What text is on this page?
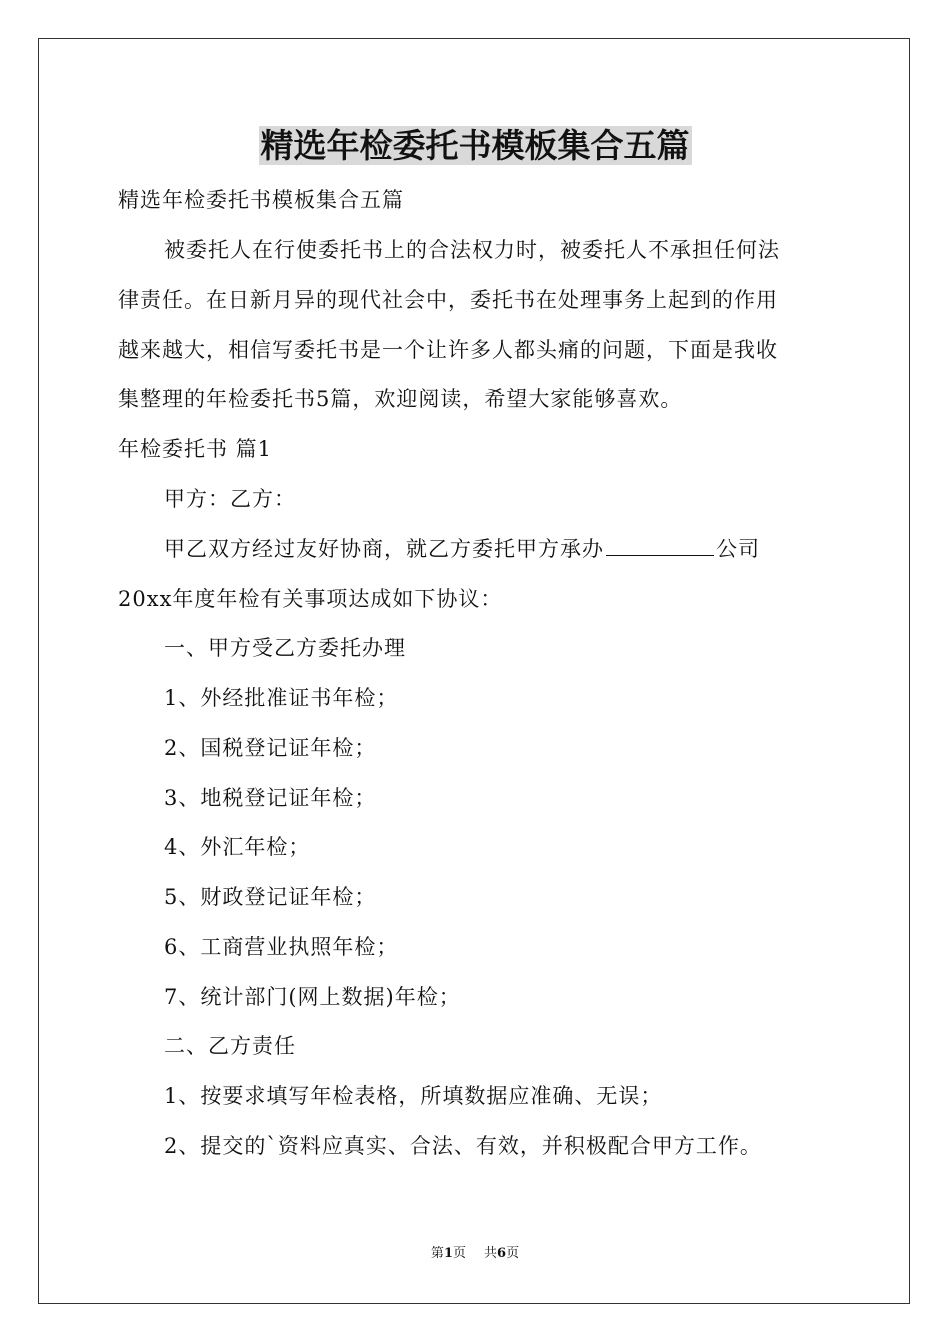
精选年检委托书模板集合五篇
精选年检委托书模板集合五篇
被委托人在行使委托书上的合法权力时，被委托人不承担任何法
律责任。在日新月异的现代社会中，委托书在处理事务上起到的作用
越来越大，相信写委托书是一个让许多人都头痛的问题，下面是我收
集整理的年检委托书5篇，欢迎阅读，希望大家能够喜欢。
年检委托书 篇1
甲方：乙方：
甲乙双方经过友好协商，就乙方委托甲方承办	公司
20xx年度年检有关事项达成如下协议：
一、甲方受乙方委托办理
1、外经批准证书年检；
2、国税登记证年检；
3、地税登记证年检；
4、外汇年检；
5、财政登记证年检；
6、工商营业执照年检；
7、统计部门(网上数据)年检；
二、乙方责任
1、按要求填写年检表格，所填数据应准确、无误；
2、提交的`资料应真实、合法、有效，并积极配合甲方工作。
第1页 共6页
